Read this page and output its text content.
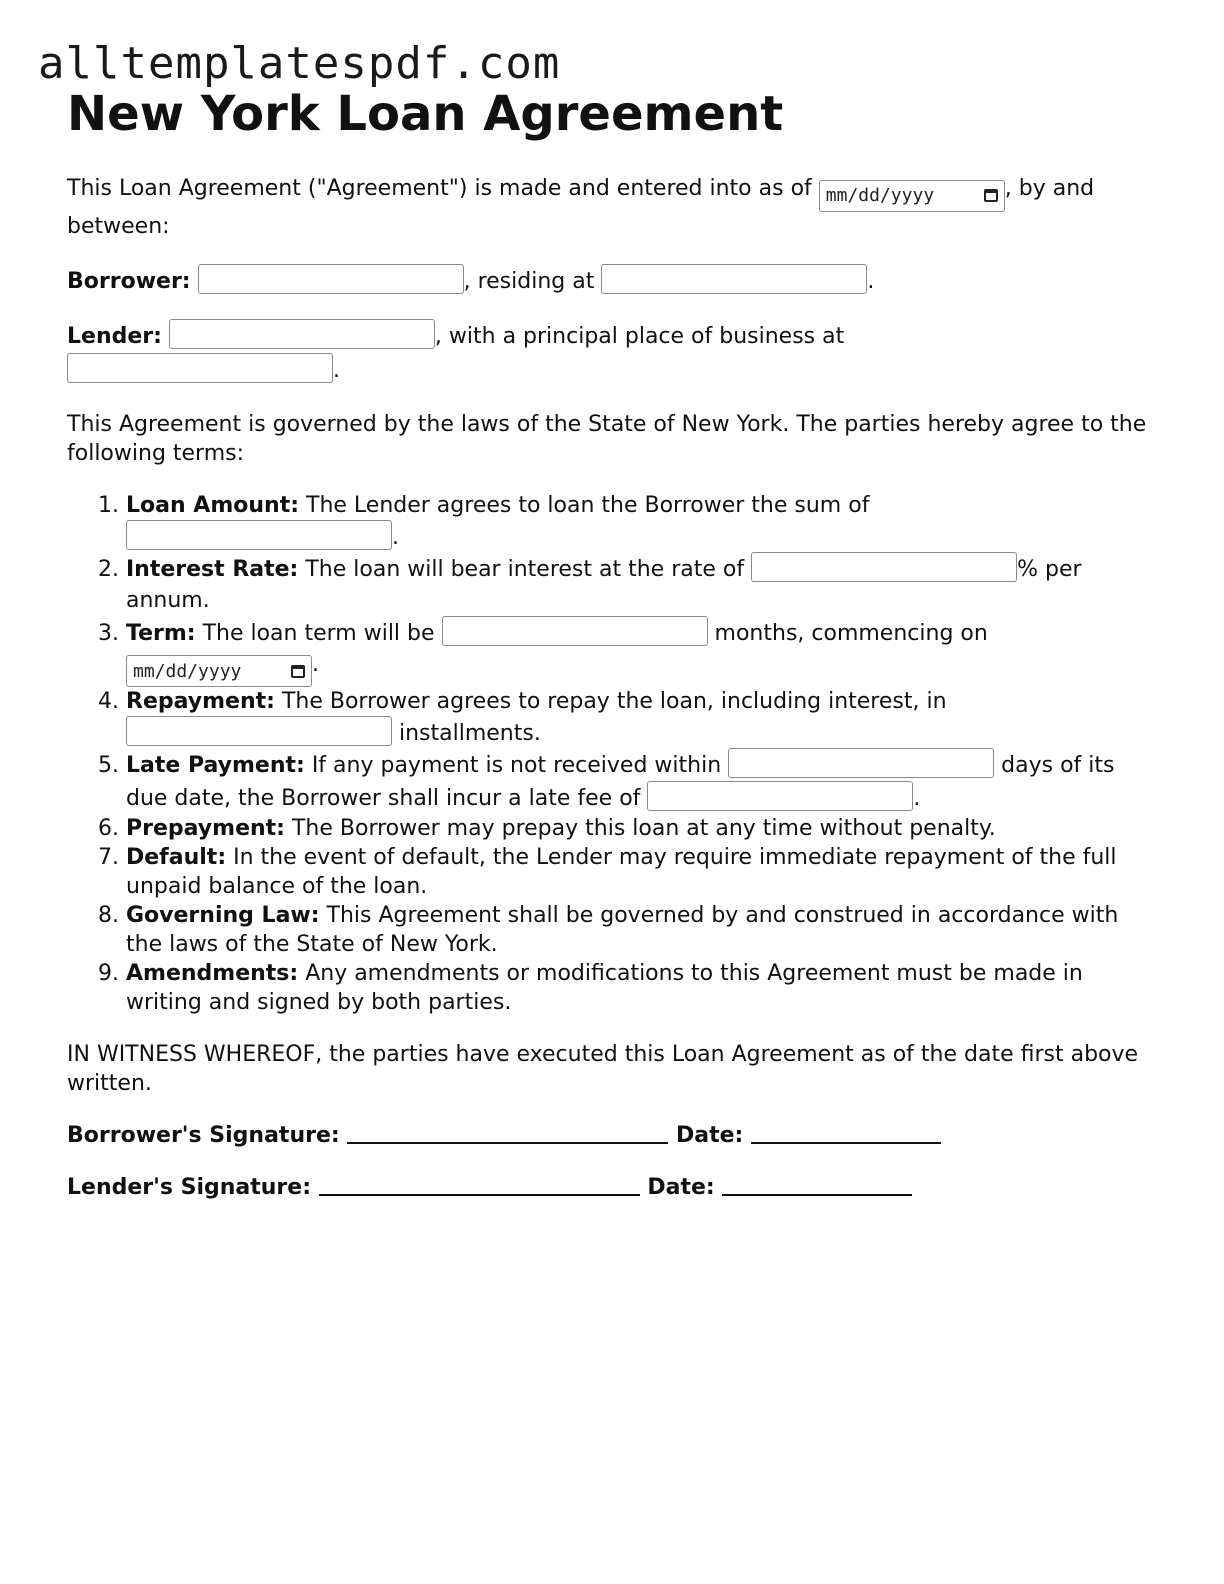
alltemplatespdf.com
New York Loan Agreement

This Loan Agreement ("Agreement") is made and entered into as of mm/dd/yyyy	, by and between:

Borrower:	, residing at	.

Lender:	, with a principal place of business at
.

This Agreement is governed by the laws of the State of New York. The parties hereby agree to the following terms:

1. Loan Amount: The Lender agrees to loan the Borrower the sum of
.
2. Interest Rate: The loan will bear interest at the rate of	% per annum.
3. Term: The loan term will be	months, commencing on

mm/dd/yyyy	.
4. Repayment: The Borrower agrees to repay the loan, including interest, in
installments.
5. Late Payment: If any payment is not received within	days of its due date, the Borrower shall incur a late fee of	.
6. Prepayment: The Borrower may prepay this loan at any time without penalty.
7. Default: In the event of default, the Lender may require immediate repayment of the full unpaid balance of the loan.
8. Governing Law: This Agreement shall be governed by and construed in accordance with the laws of the State of New York.
9. Amendments: Any amendments or modifications to this Agreement must be made in writing and signed by both parties.

IN WITNESS WHEREOF, the parties have executed this Loan Agreement as of the date first above written.

Borrower's Signature:	Date:

Lender's Signature:	Date:
